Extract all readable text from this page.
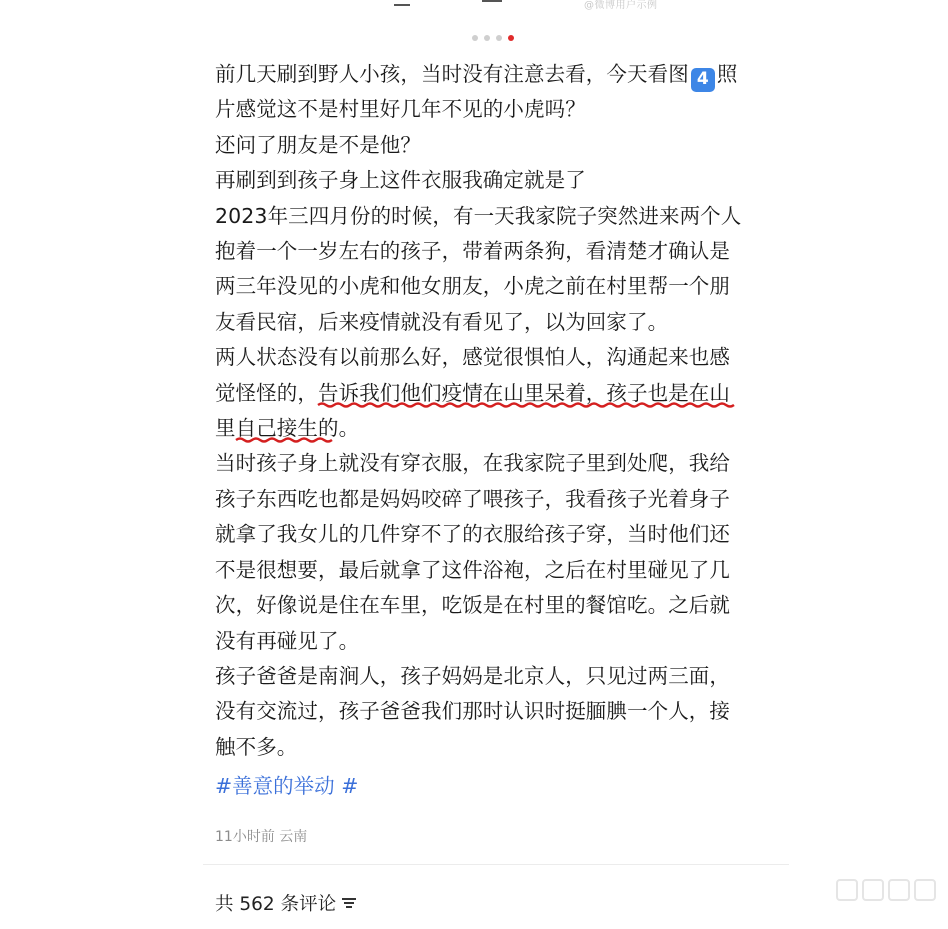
@微博用户示例
前几天刷到野人小孩，当时没有注意去看，今天看图 4 照
片感觉这不是村里好几年不见的小虎吗？
还问了朋友是不是他？
再刷到到孩子身上这件衣服我确定就是了
2023年三四月份的时候，有一天我家院子突然进来两个人
抱着一个一岁左右的孩子，带着两条狗，看清楚才确认是
两三年没见的小虎和他女朋友，小虎之前在村里帮一个朋
友看民宿，后来疫情就没有看见了，以为回家了。
两人状态没有以前那么好，感觉很惧怕人，沟通起来也感
觉怪怪的，告诉我们他们疫情在山里呆着，孩子也是在山
里自己接生
的。
当时孩子身上就没有穿衣服，在我家院子里到处爬，我给
孩子东西吃也都是妈妈咬碎了喂孩子，我看孩子光着身子
就拿了我女儿的几件穿不了的衣服给孩子穿，当时他们还
不是很想要，最后就拿了这件浴袍，之后在村里碰见了几
次，好像说是住在车里，吃饭是在村里的餐馆吃。之后就
没有再碰见了。
孩子爸爸是南涧人，孩子妈妈是北京人，只见过两三面，
没有交流过，孩子爸爸我们那时认识时挺腼腆一个人，接
触不多。
#善意的举动 #
11小时前 云南
共 562 条评论
